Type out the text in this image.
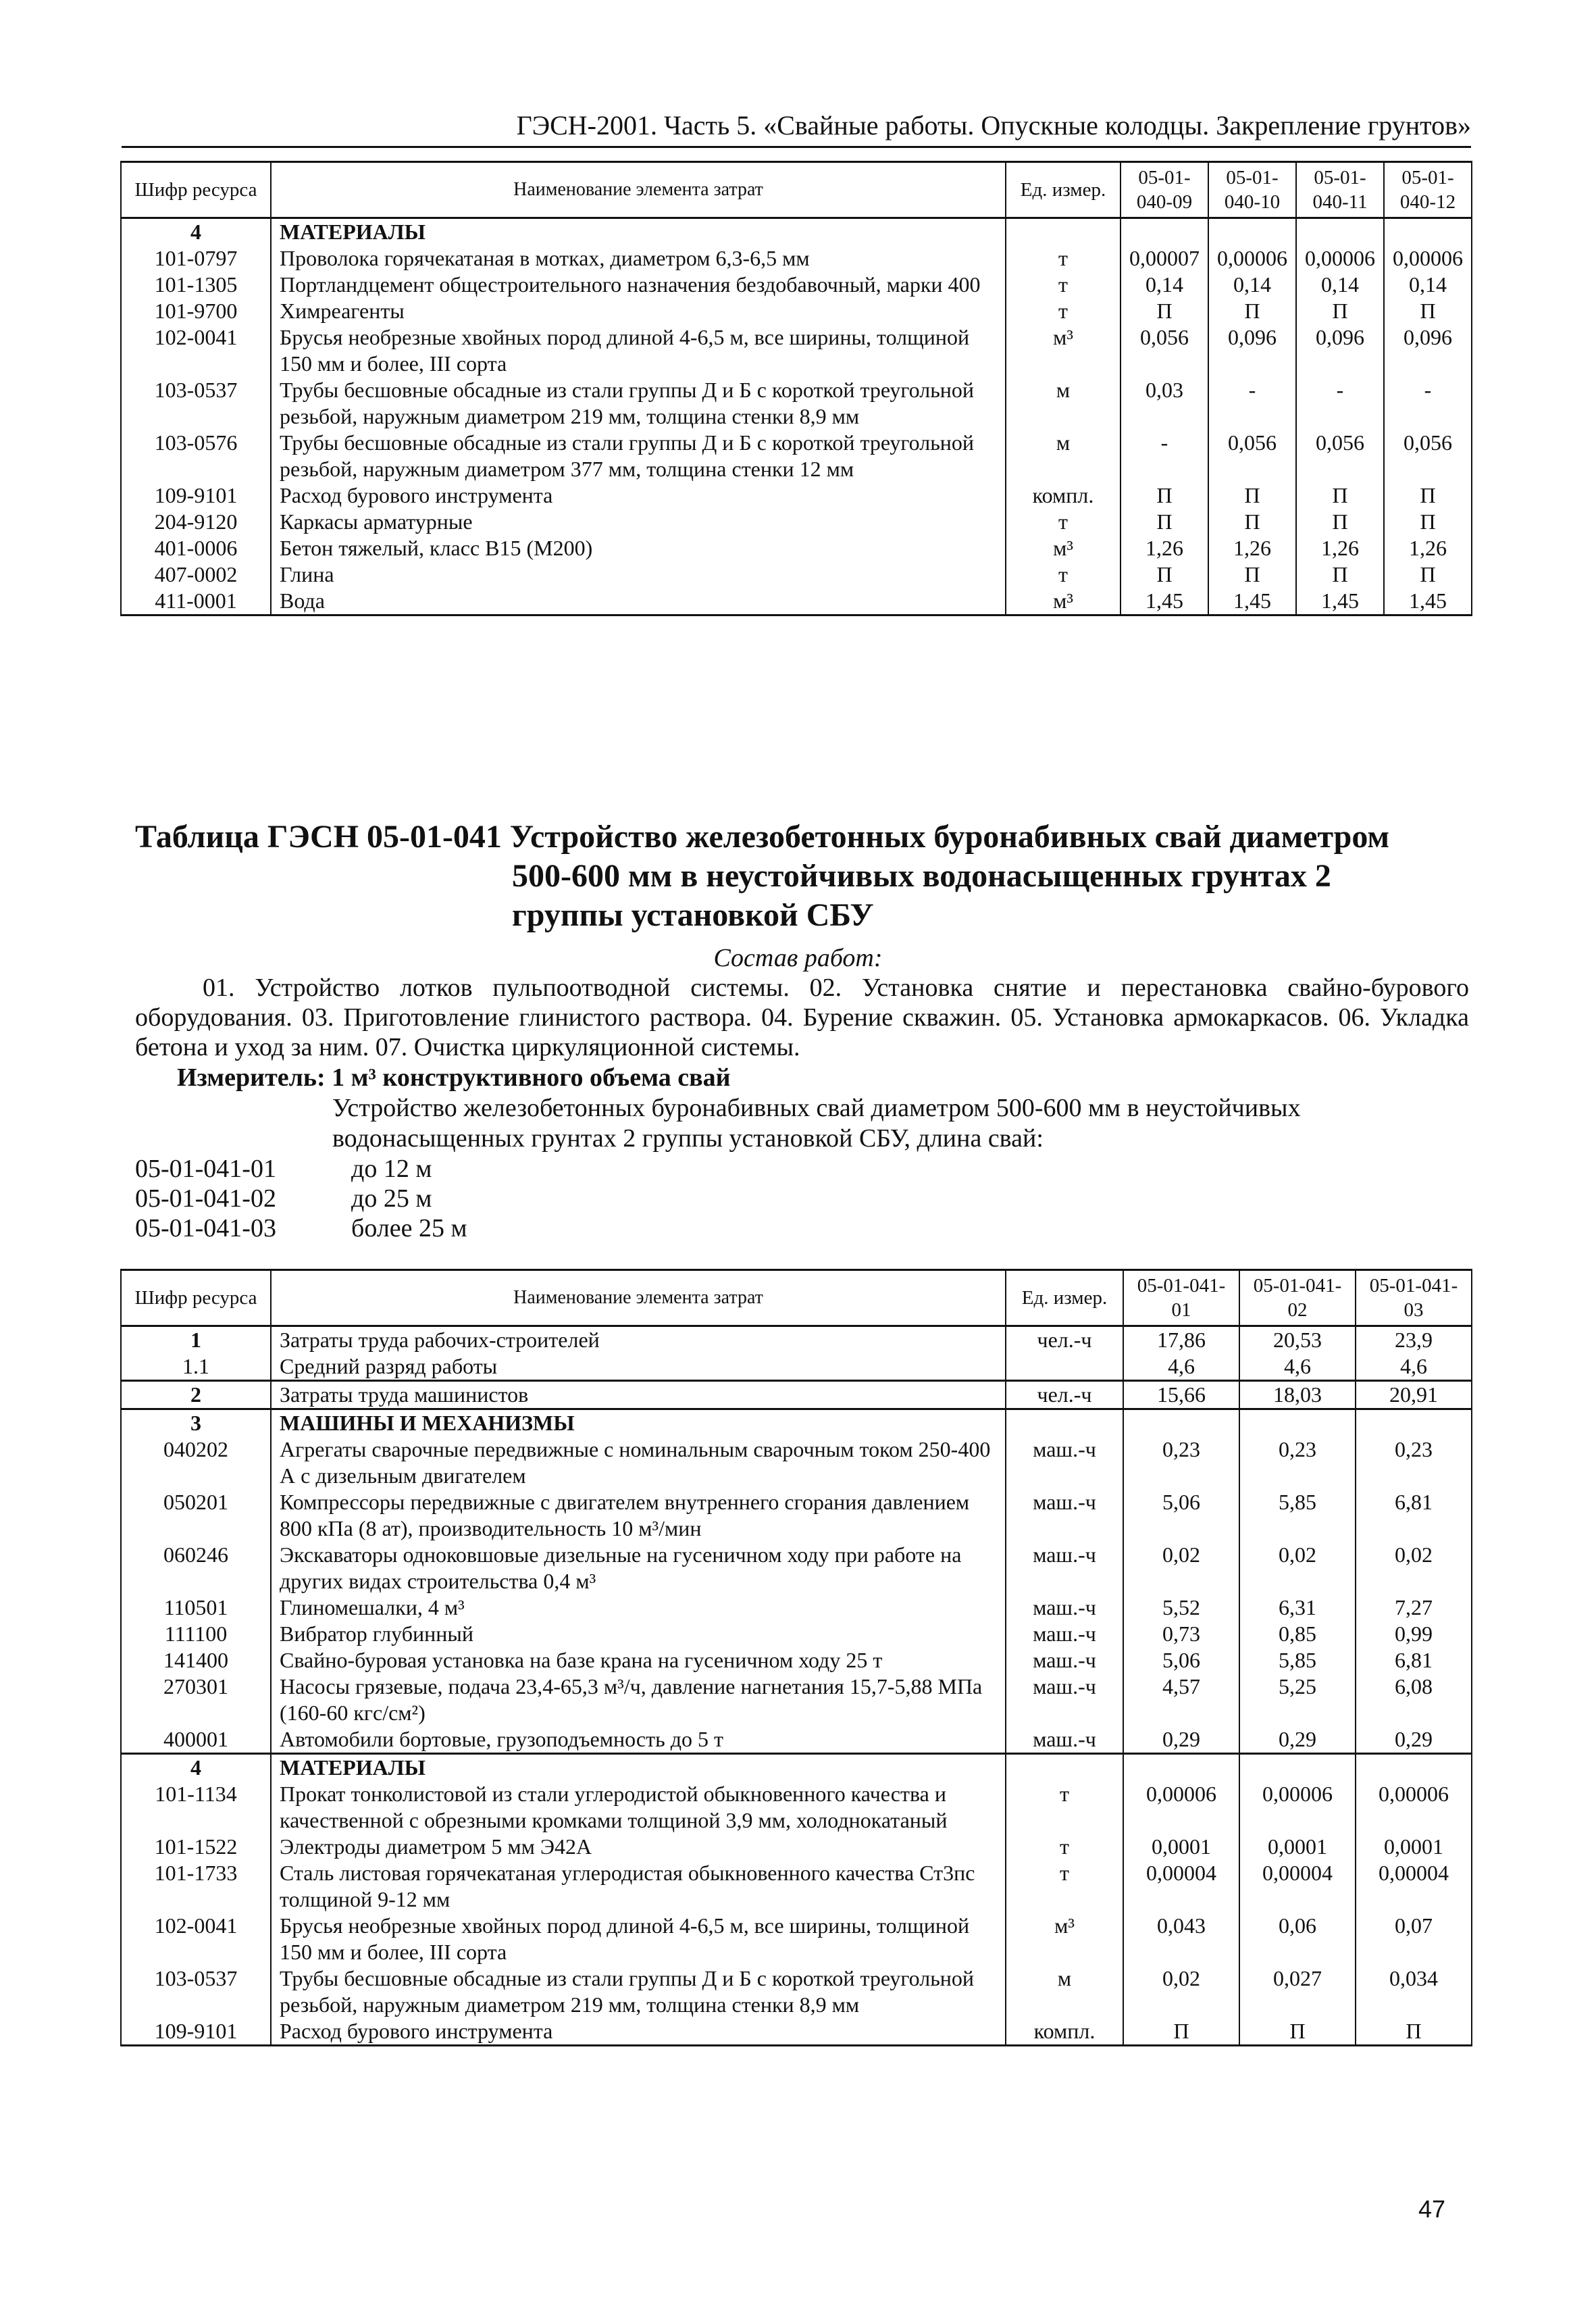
ГЭСН-2001. Часть 5. «Свайные работы. Опускные колодцы. Закрепление грунтов»
Шифр ресурса	Наименование элемента затрат	Ед. измер.	05-01-040-09	05-01-040-10	05-01-040-11	05-01-040-12
4	МАТЕРИАЛЫ					
101-0797	Проволока горячекатаная в мотках, диаметром 6,3-6,5 мм	т	0,00007	0,00006	0,00006	0,00006
101-1305	Портландцемент общестроительного назначения бездобавочный, марки 400	т	0,14	0,14	0,14	0,14
101-9700	Химреагенты	т	П	П	П	П
102-0041	Брусья необрезные хвойных пород длиной 4-6,5 м, все ширины, толщиной 150 мм и более, III сорта	м³	0,056	0,096	0,096	0,096
103-0537	Трубы бесшовные обсадные из стали группы Д и Б с короткой треугольной резьбой, наружным диаметром 219 мм, толщина стенки 8,9 мм	м	0,03	-	-	-
103-0576	Трубы бесшовные обсадные из стали группы Д и Б с короткой треугольной резьбой, наружным диаметром 377 мм, толщина стенки 12 мм	м	-	0,056	0,056	0,056
109-9101	Расход бурового инструмента	компл.	П	П	П	П
204-9120	Каркасы арматурные	т	П	П	П	П
401-0006	Бетон тяжелый, класс В15 (М200)	м³	1,26	1,26	1,26	1,26
407-0002	Глина	т	П	П	П	П
411-0001	Вода	м³	1,45	1,45	1,45	1,45
Таблица ГЭСН 05-01-041 Устройство железобетонных буронабивных свай диаметром
500-600 мм в неустойчивых водонасыщенных грунтах 2
группы установкой СБУ
Состав работ:
01. Устройство лотков пульпоотводной системы. 02. Установка снятие и перестановка свайно-бурового оборудования. 03. Приготовление глинистого раствора. 04. Бурение скважин. 05. Установка армокаркасов. 06. Укладка бетона и уход за ним. 07. Очистка циркуляционной системы.
Измеритель: 1 м³ конструктивного объема свай
Устройство железобетонных буронабивных свай диаметром 500-600 мм в неустойчивых водонасыщенных грунтах 2 группы установкой СБУ, длина свай:
05-01-041-01	до 12 м
05-01-041-02	до 25 м
05-01-041-03	более 25 м
Шифр ресурса	Наименование элемента затрат	Ед. измер.	05-01-041-01	05-01-041-02	05-01-041-03
1	Затраты труда рабочих-строителей	чел.-ч	17,86	20,53	23,9
1.1	Средний разряд работы		4,6	4,6	4,6
2	Затраты труда машинистов	чел.-ч	15,66	18,03	20,91
3	МАШИНЫ И МЕХАНИЗМЫ				
040202	Агрегаты сварочные передвижные с номинальным сварочным током 250-400 А с дизельным двигателем	маш.-ч	0,23	0,23	0,23
050201	Компрессоры передвижные с двигателем внутреннего сгорания давлением 800 кПа (8 ат), производительность 10 м³/мин	маш.-ч	5,06	5,85	6,81
060246	Экскаваторы одноковшовые дизельные на гусеничном ходу при работе на других видах строительства 0,4 м³	маш.-ч	0,02	0,02	0,02
110501	Глиномешалки, 4 м³	маш.-ч	5,52	6,31	7,27
111100	Вибратор глубинный	маш.-ч	0,73	0,85	0,99
141400	Свайно-буровая установка на базе крана на гусеничном ходу 25 т	маш.-ч	5,06	5,85	6,81
270301	Насосы грязевые, подача 23,4-65,3 м³/ч, давление нагнетания 15,7-5,88 МПа (160-60 кгс/см²)	маш.-ч	4,57	5,25	6,08
400001	Автомобили бортовые, грузоподъемность до 5 т	маш.-ч	0,29	0,29	0,29
4	МАТЕРИАЛЫ				
101-1134	Прокат тонколистовой из стали углеродистой обыкновенного качества и качественной с обрезными кромками толщиной 3,9 мм, холоднокатаный	т	0,00006	0,00006	0,00006
101-1522	Электроды диаметром 5 мм Э42А	т	0,0001	0,0001	0,0001
101-1733	Сталь листовая горячекатаная углеродистая обыкновенного качества Ст3пс толщиной 9-12 мм	т	0,00004	0,00004	0,00004
102-0041	Брусья необрезные хвойных пород длиной 4-6,5 м, все ширины, толщиной 150 мм и более, III сорта	м³	0,043	0,06	0,07
103-0537	Трубы бесшовные обсадные из стали группы Д и Б с короткой треугольной резьбой, наружным диаметром 219 мм, толщина стенки 8,9 мм	м	0,02	0,027	0,034
109-9101	Расход бурового инструмента	компл.	П	П	П
47
